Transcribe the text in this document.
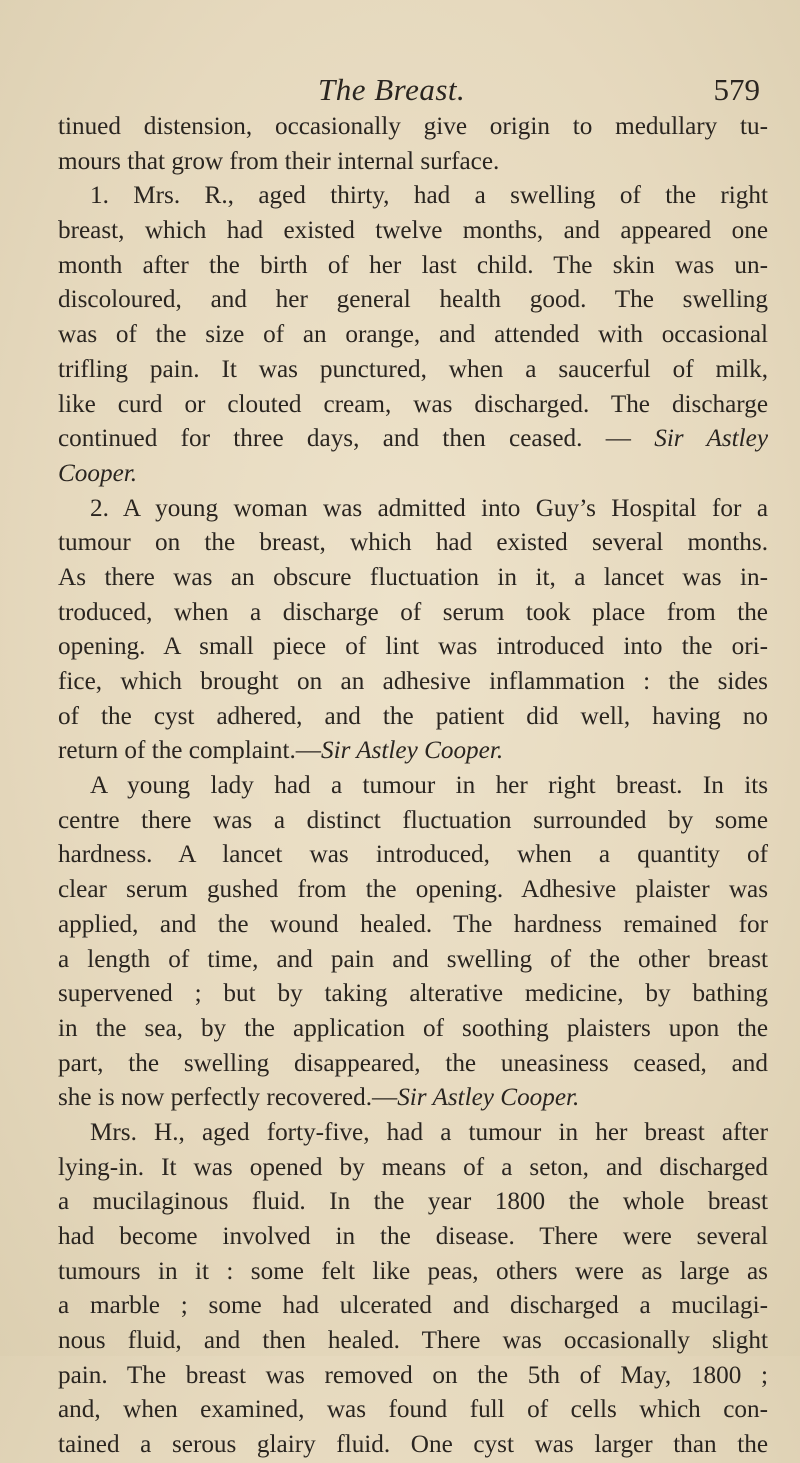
The Breast.	579
tinued distension, occasionally give origin to medullary tu-
mours that grow from their internal surface.
1. Mrs. R., aged thirty, had a swelling of the right
breast, which had existed twelve months, and appeared one
month after the birth of her last child. The skin was un-
discoloured, and her general health good. The swelling
was of the size of an orange, and attended with occasional
trifling pain. It was punctured, when a saucerful of milk,
like curd or clouted cream, was discharged. The discharge
continued for three days, and then ceased. — Sir Astley
Cooper.
2. A young woman was admitted into Guy’s Hospital for a
tumour on the breast, which had existed several months.
As there was an obscure fluctuation in it, a lancet was in-
troduced, when a discharge of serum took place from the
opening. A small piece of lint was introduced into the ori-
fice, which brought on an adhesive inflammation : the sides
of the cyst adhered, and the patient did well, having no
return of the complaint.—Sir Astley Cooper.
A young lady had a tumour in her right breast. In its
centre there was a distinct fluctuation surrounded by some
hardness. A lancet was introduced, when a quantity of
clear serum gushed from the opening. Adhesive plaister was
applied, and the wound healed. The hardness remained for
a length of time, and pain and swelling of the other breast
supervened ; but by taking alterative medicine, by bathing
in the sea, by the application of soothing plaisters upon the
part, the swelling disappeared, the uneasiness ceased, and
she is now perfectly recovered.—Sir Astley Cooper.
Mrs. H., aged forty-five, had a tumour in her breast after
lying-in. It was opened by means of a seton, and discharged
a mucilaginous fluid. In the year 1800 the whole breast
had become involved in the disease. There were several
tumours in it : some felt like peas, others were as large as
a marble ; some had ulcerated and discharged a mucilagi-
nous fluid, and then healed. There was occasionally slight
pain. The breast was removed on the 5th of May, 1800 ;
and, when examined, was found full of cells which con-
tained a serous glairy fluid. One cyst was larger than the
